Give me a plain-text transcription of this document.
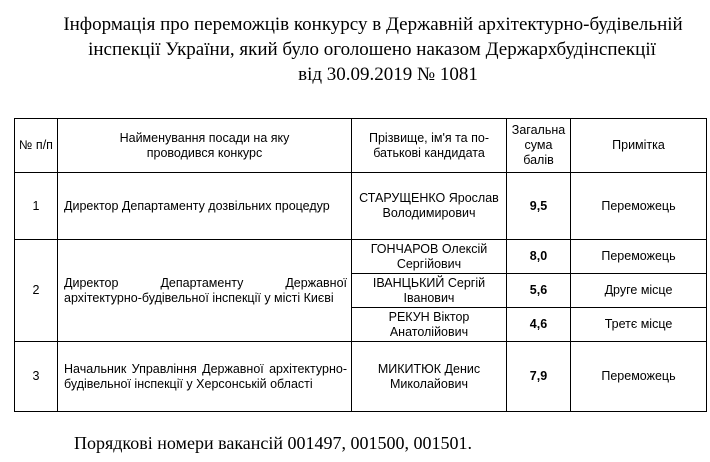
Інформація про переможців конкурсу в Державній архітектурно-будівельній
інспекції України, який було оголошено наказом Держархбудінспекції
від 30.09.2019 № 1081
№ п/п	Найменування посади на яку проводився конкурс	Прізвище, ім'я та по-батькові кандидата	Загальна сума балів	Примітка
1	Директор Департаменту дозвільних процедур	СТАРУЩЕНКО Ярослав Володимирович	9,5	Переможець
2	Директор Департаменту Державної архітектурно-будівельної інспекції у місті Києві	ГОНЧАРОВ Олексій Сергійович	8,0	Переможець
		ІВАНЦЬКИЙ Сергій Іванович	5,6	Друге місце
		РЕКУН Віктор Анатолійович	4,6	Третє місце
3	Начальник Управління Державної архітектурно-будівельної інспекції у Херсонській області	МИКИТЮК Денис Миколайович	7,9	Переможець
Порядкові номери вакансій 001497, 001500, 001501.
